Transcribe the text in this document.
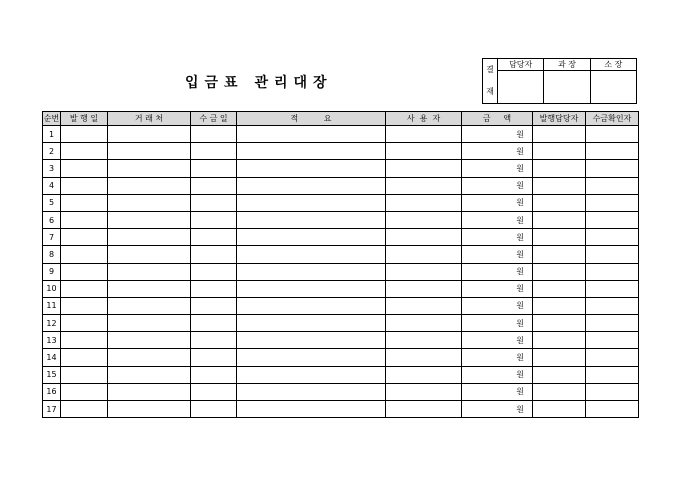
입금표 관리대장
결
재	담당자	과 장	소 장

순번	발 행 일	거 래 처	수 금 일	적          요	사  용  자	금     액	발행담당자	수금확인자
1						원		
2						원		
3						원		
4						원		
5						원		
6						원		
7						원		
8						원		
9						원		
10						원		
11						원		
12						원		
13						원		
14						원		
15						원		
16						원		
17						원		
